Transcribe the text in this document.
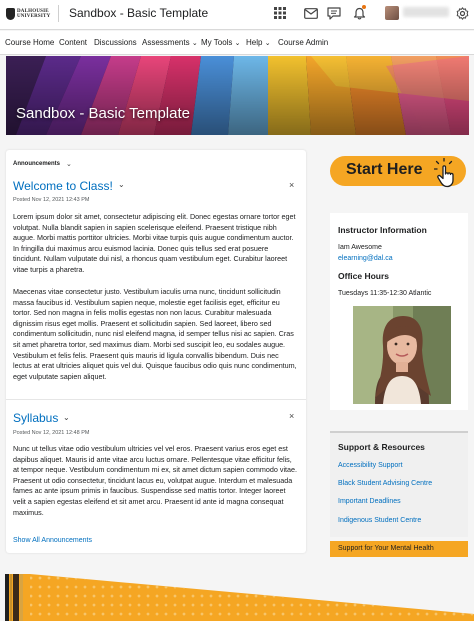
DALHOUSIE
UNIVERSITY Sandbox - Basic Template
Course Home Content Discussions Assessments ⌄ My Tools ⌄ Help ⌄ Course Admin
Sandbox - Basic Template
Announcements ⌄
Welcome to Class! ⌄	×
Posted Nov 12, 2021 12:43 PM
Lorem ipsum dolor sit amet, consectetur adipiscing elit. Donec egestas ornare tortor eget volutpat. Nulla blandit sapien in sapien scelerisque eleifend. Praesent tristique nibh augue. Morbi mattis porttitor ultricies. Morbi vitae turpis quis augue condimentum auctor. In fringilla dui maximus arcu euismod lacinia. Donec quis tellus sed erat posuere tincidunt. Nullam vulputate dui nisl, a rhoncus quam vestibulum eget. Curabitur laoreet vitae turpis a pharetra.
Maecenas vitae consectetur justo. Vestibulum iaculis urna nunc, tincidunt sollicitudin massa faucibus id. Vestibulum sapien neque, molestie eget facilisis eget, efficitur eu tortor. Sed non magna in felis mollis egestas non non lacus. Curabitur malesuada dignissim risus eget mollis. Praesent et sollicitudin sapien. Sed laoreet, libero sed condimentum sollicitudin, nunc nisl eleifend magna, id semper tellus nisi ac sapien. Cras sit amet pharetra tortor, sed maximus diam. Morbi sed suscipit leo, eu sodales augue. Vestibulum et felis felis. Praesent quis mauris id ligula convallis bibendum. Duis nec lectus at erat ultricies aliquet quis vel dui. Quisque faucibus odio quis nunc condimentum, eget vulputate sapien aliquet.
Syllabus ⌄	×
Posted Nov 12, 2021 12:48 PM
Nunc ut tellus vitae odio vestibulum ultricies vel vel eros. Praesent varius eros eget est dapibus aliquet. Mauris id ante vitae arcu luctus ornare. Pellentesque vitae efficitur felis, at tempor neque. Vestibulum condimentum mi ex, sit amet dictum sapien commodo vitae. Praesent ut odio consectetur, tincidunt lacus eu, volutpat augue. Interdum et malesuada fames ac ante ipsum primis in faucibus. Suspendisse sed mattis tortor. Integer laoreet velit a sapien egestas eleifend et sit amet arcu. Praesent id ante id magna consequat maximus.
Show All Announcements
Start Here
Instructor Information
Iam Awesome
elearning@dal.ca
Office Hours
Tuesdays 11:35-12:30 Atlantic
Support & Resources
Accessibility Support
Black Student Advising Centre
Important Deadlines
Indigenous Student Centre
Support for Your Mental Health
